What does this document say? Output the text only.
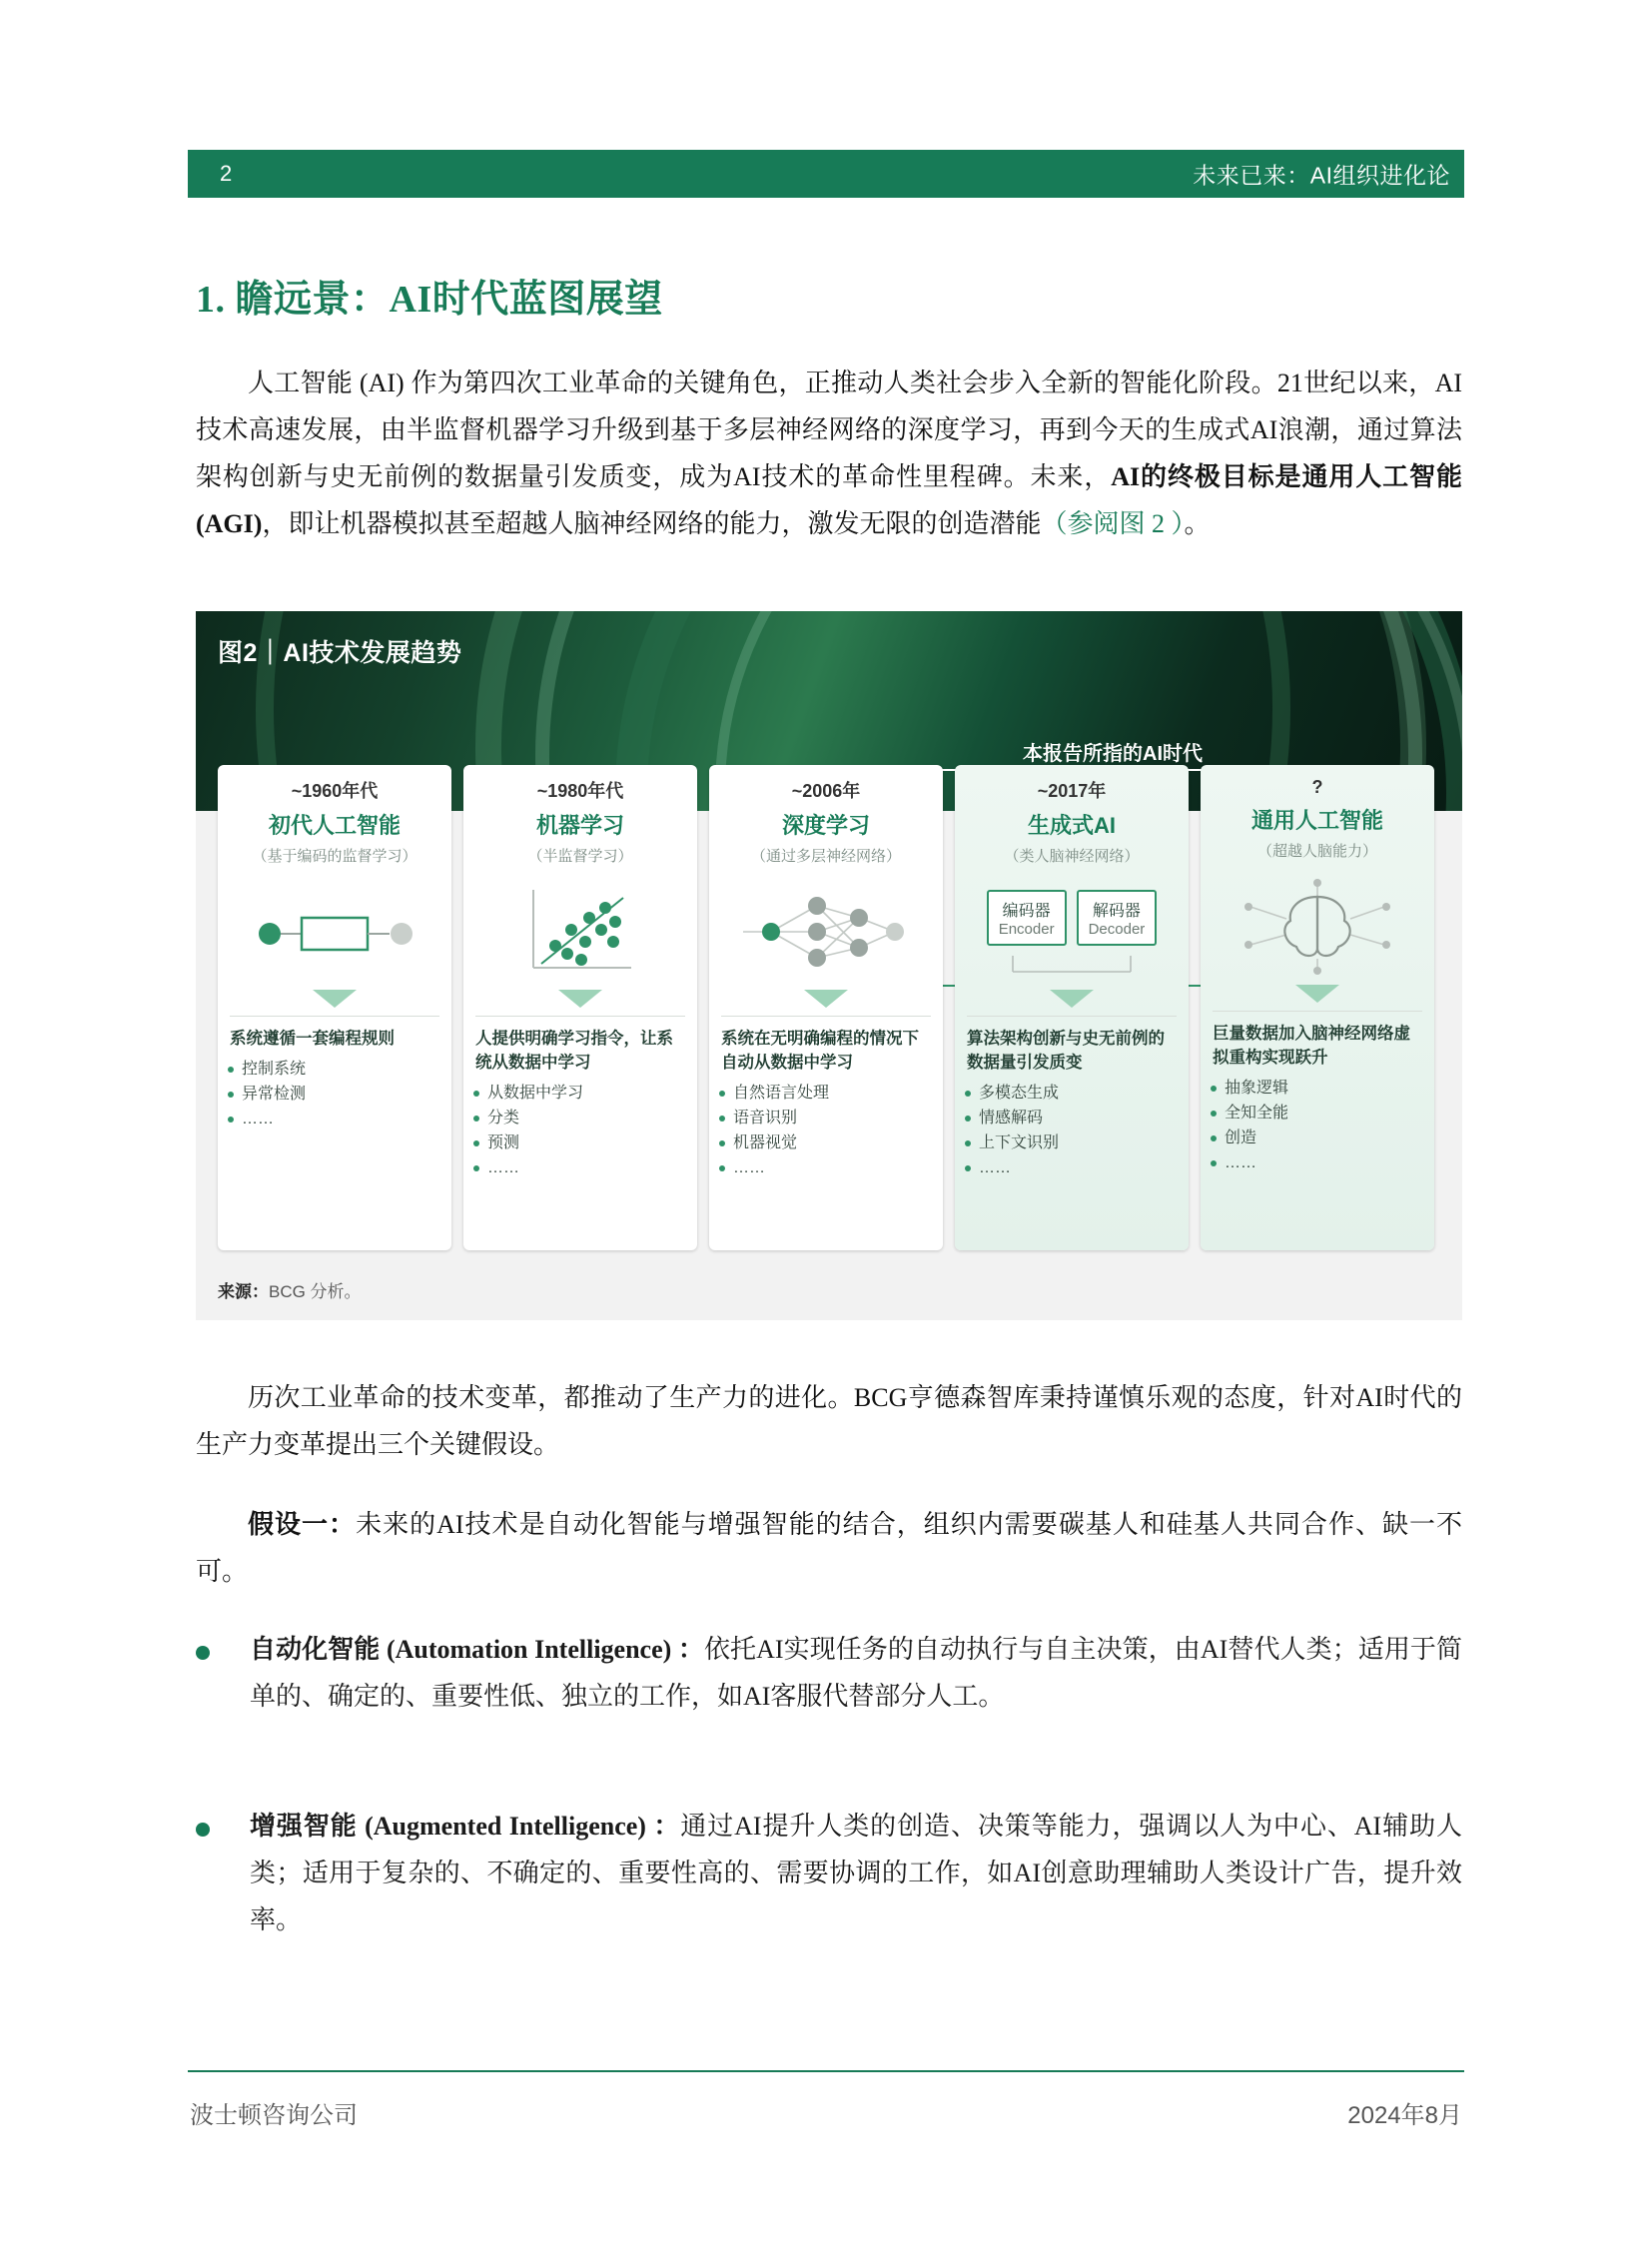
2	未来已来：AI组织进化论
1. 瞻远景：AI时代蓝图展望
人工智能 (AI) 作为第四次工业革命的关键角色，正推动人类社会步入全新的智能化阶段。21世纪以来，AI技术高速发展，由半监督机器学习升级到基于多层神经网络的深度学习，再到今天的生成式AI浪潮，通过算法架构创新与史无前例的数据量引发质变，成为AI技术的革命性里程碑。未来，AI的终极目标是通用人工智能 (AGI)，即让机器模拟甚至超越人脑神经网络的能力，激发无限的创造潜能（参阅图 2 ）。
图2｜AI技术发展趋势
本报告所指的AI时代
~1960年代
初代人工智能
（基于编码的监督学习）
系统遵循一套编程规则
控制系统
异常检测
……
~1980年代
机器学习
（半监督学习）
人提供明确学习指令，让系统从数据中学习
从数据中学习
分类
预测
……
~2006年
深度学习
（通过多层神经网络）
系统在无明确编程的情况下自动从数据中学习
自然语言处理
语音识别
机器视觉
……
~2017年
生成式AI
（类人脑神经网络）
编码器
Encoder
解码器
Decoder
算法架构创新与史无前例的数据量引发质变
多模态生成
情感解码
上下文识别
……
?
通用人工智能
（超越人脑能力）
巨量数据加入脑神经网络虚拟重构实现跃升
抽象逻辑
全知全能
创造
……
来源：BCG 分析。
历次工业革命的技术变革，都推动了生产力的进化。BCG亨德森智库秉持谨慎乐观的态度，针对AI时代的生产力变革提出三个关键假设。
假设一：未来的AI技术是自动化智能与增强智能的结合，组织内需要碳基人和硅基人共同合作、缺一不可。
自动化智能 (Automation Intelligence) ：依托AI实现任务的自动执行与自主决策，由AI替代人类；适用于简单的、确定的、重要性低、独立的工作，如AI客服代替部分人工。
增强智能 (Augmented Intelligence) ：通过AI提升人类的创造、决策等能力，强调以人为中心、AI辅助人类；适用于复杂的、不确定的、重要性高的、需要协调的工作，如AI创意助理辅助人类设计广告，提升效率。
波士顿咨询公司	2024年8月
